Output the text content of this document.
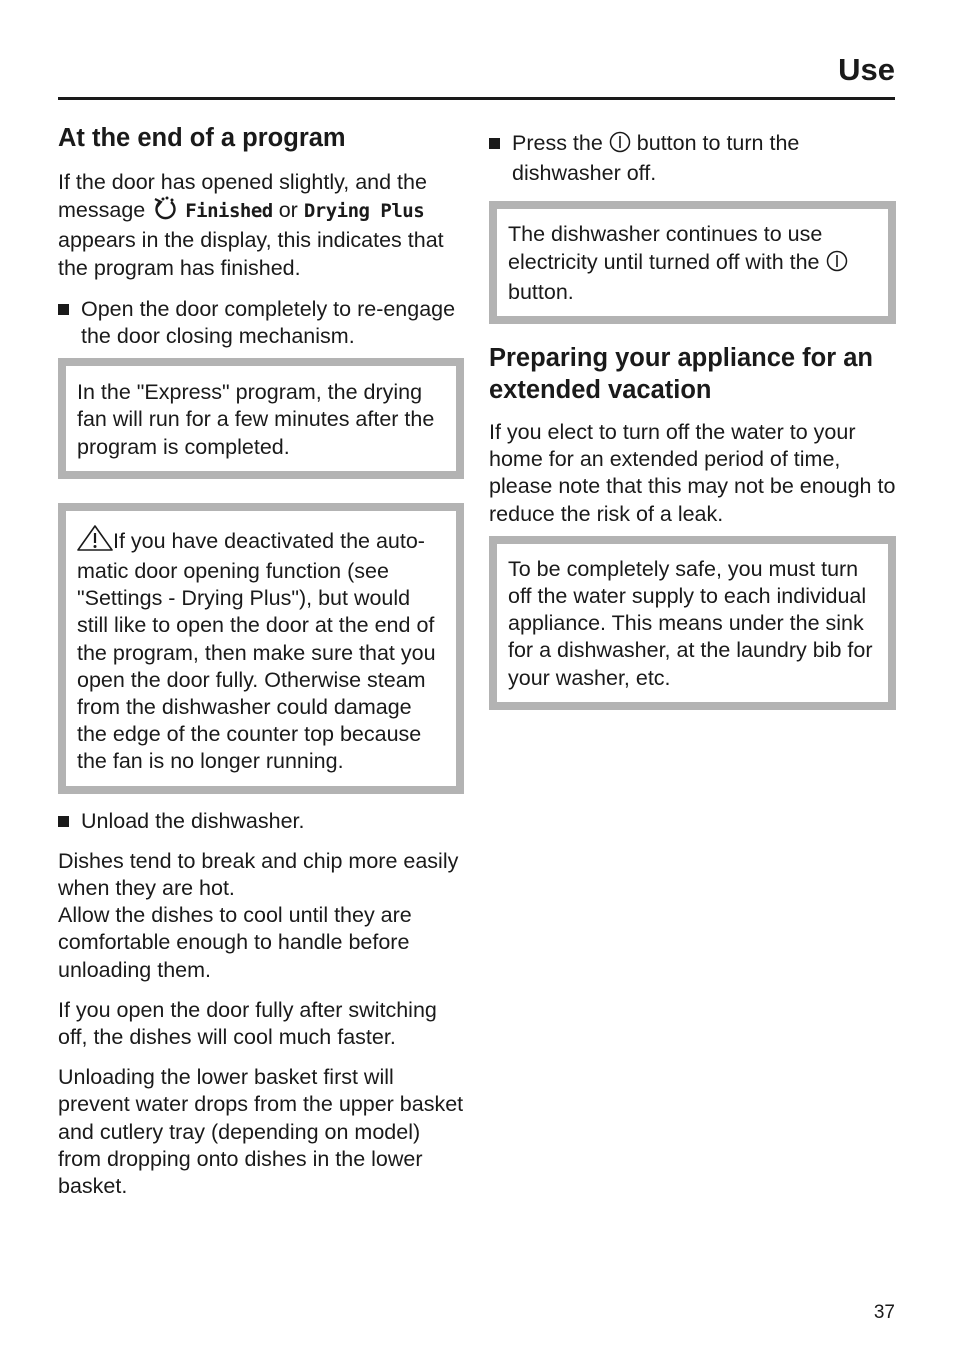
Use
At the end of a program

If the door has opened slightly, and the message Finished or Drying Plus appears in the display, this indicates that the program has finished.

Open the door completely to re-engage the door closing mechanism.

In the "Express" program, the drying fan will run for a few minutes after the program is completed.

If you have deactivated the auto-matic door opening function (see "Settings - Drying Plus"), but would still like to open the door at the end of the program, then make sure that you open the door fully. Otherwise steam from the dishwasher could damage the edge of the counter top because the fan is no longer running.

Unload the dishwasher.

Dishes tend to break and chip more easily when they are hot.

Allow the dishes to cool until they are comfortable enough to handle before unloading them.

If you open the door fully after switching off, the dishes will cool much faster.

Unloading the lower basket first will prevent water drops from the upper basket and cutlery tray (depending on model) from dropping onto dishes in the lower basket.

Press the button to turn the dishwasher off.

The dishwasher continues to use electricity until turned off with the  button.

Preparing your appliance for an extended vacation

If you elect to turn off the water to your home for an extended period of time, please note that this may not be enough to reduce the risk of a leak.

To be completely safe, you must turn off the water supply to each individual appliance. This means under the sink for a dishwasher, at the laundry bib for your washer, etc.

37
